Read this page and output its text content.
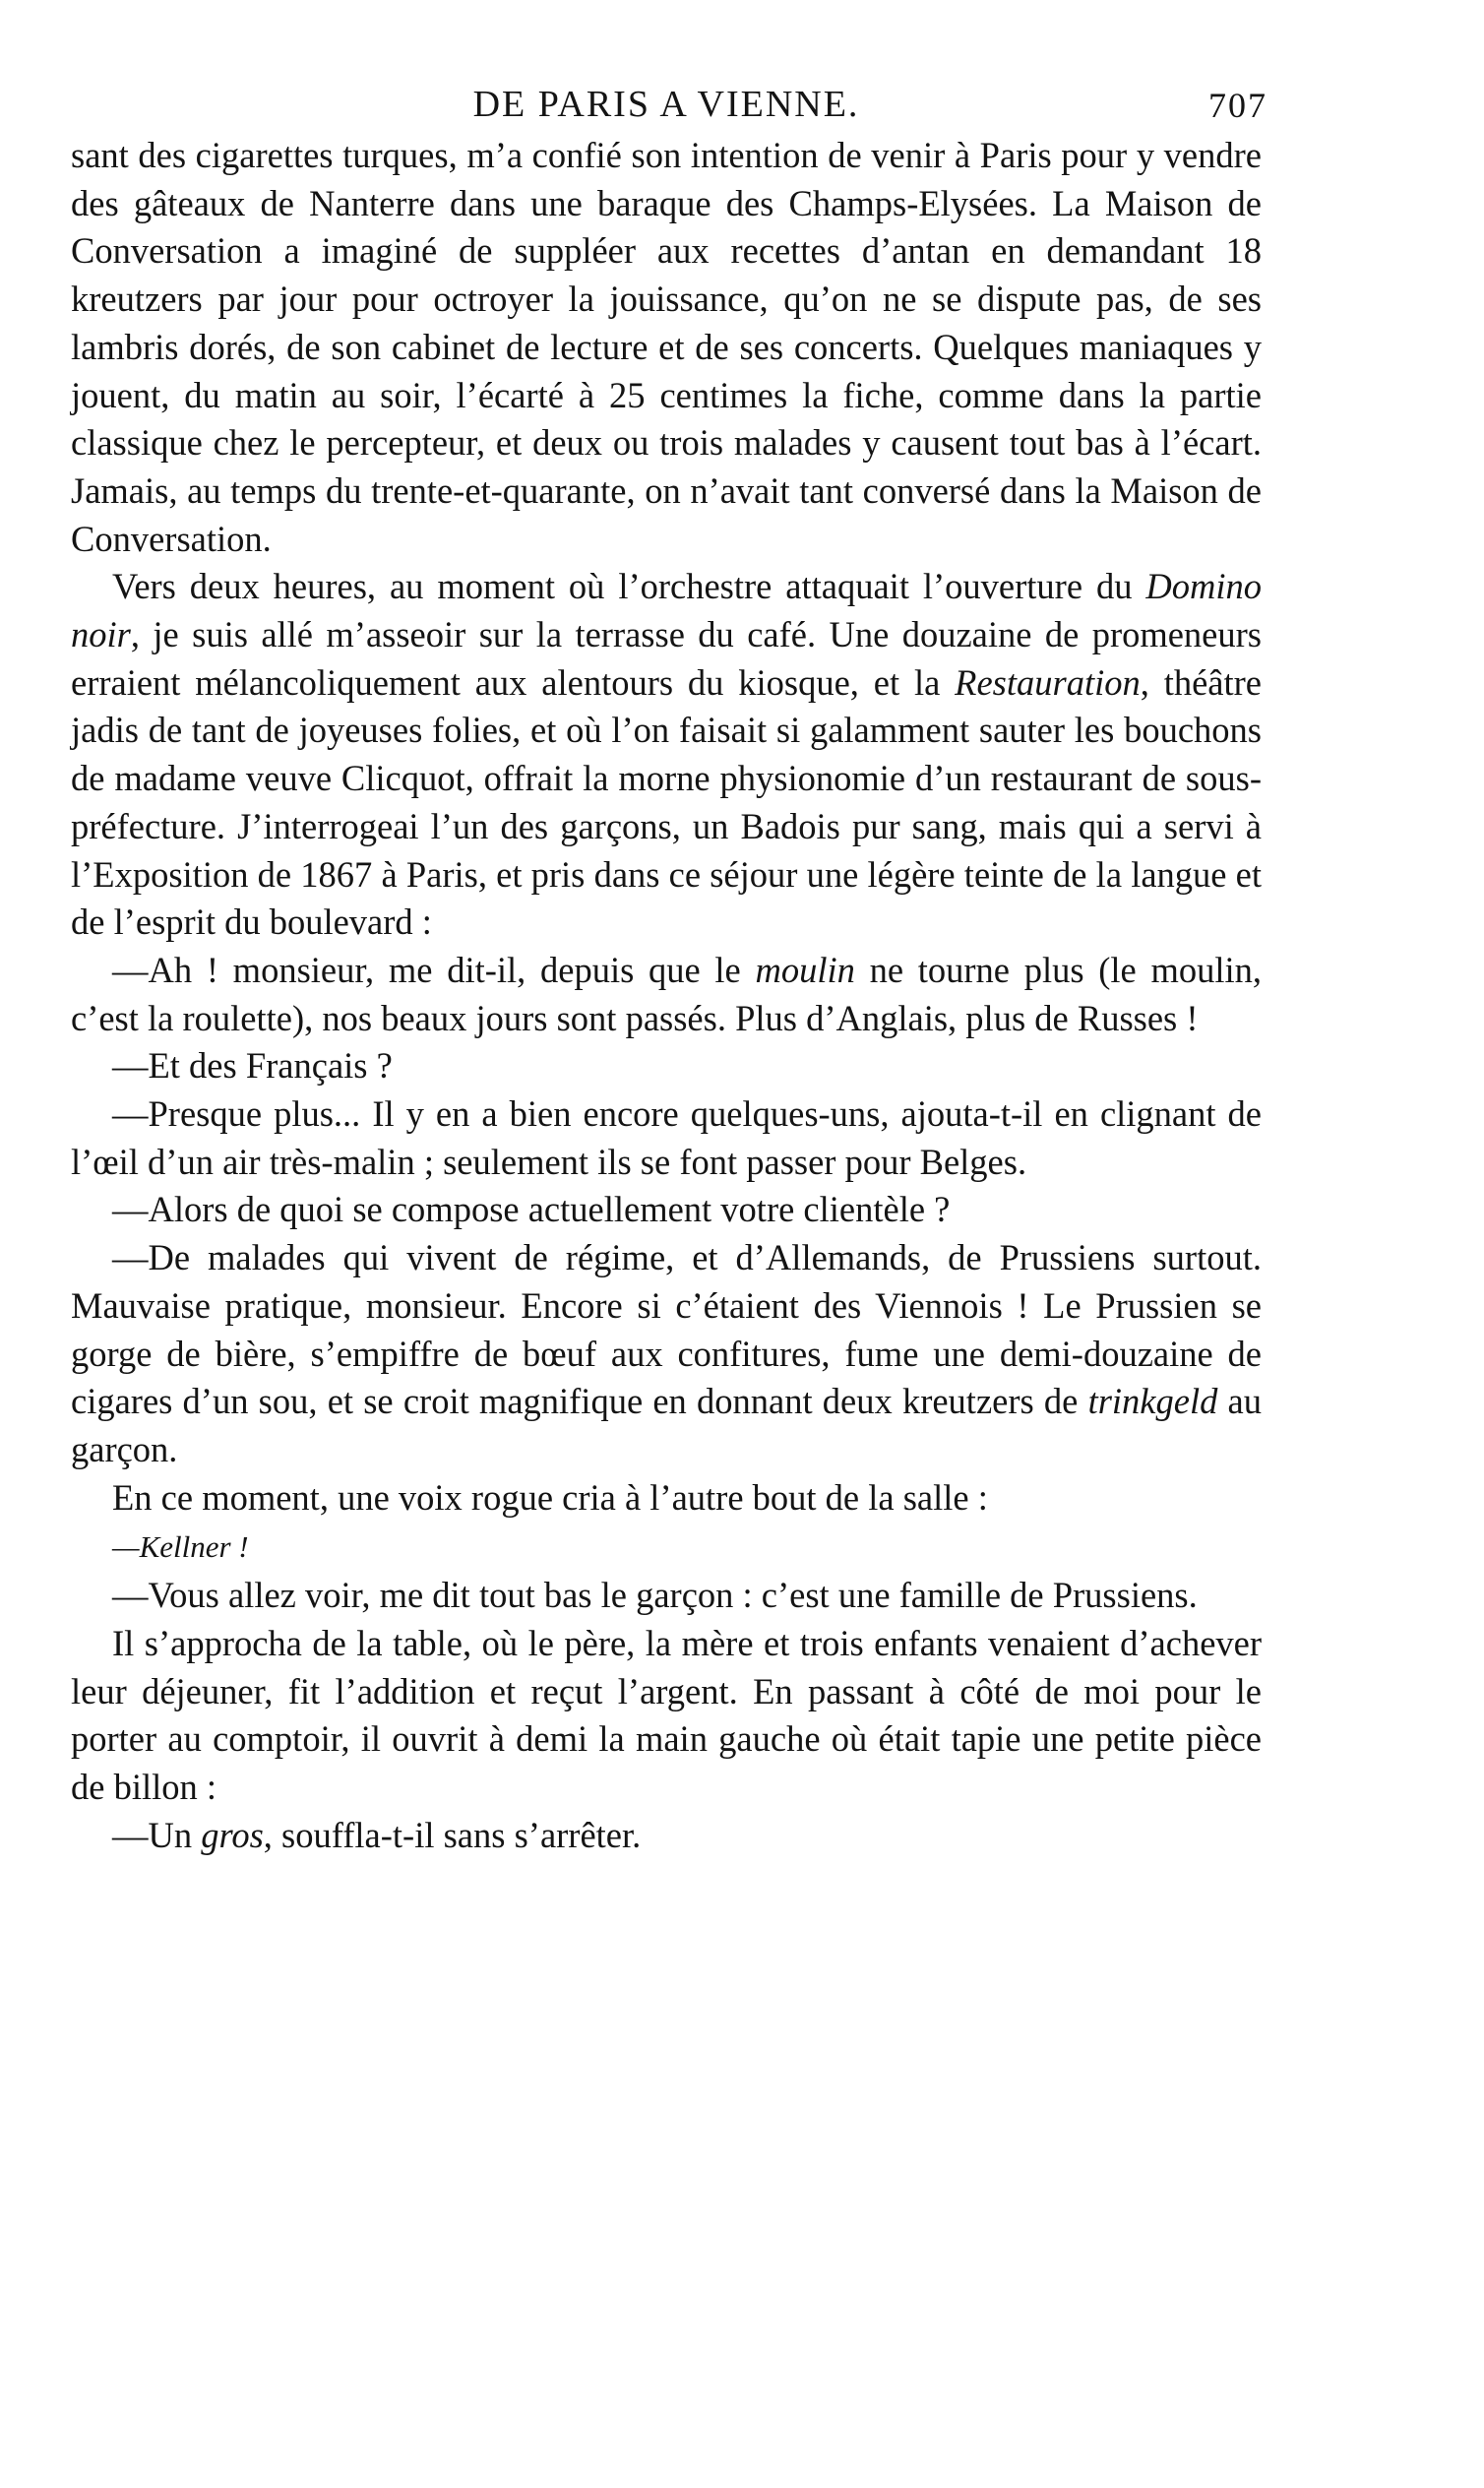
DE PARIS A VIENNE.	707

sant des cigarettes turques, m’a confié son intention de venir à Paris pour y vendre des gâteaux de Nanterre dans une baraque des Champs-Elysées. La Maison de Conversation a imaginé de suppléer aux recettes d’antan en demandant 18 kreutzers par jour pour octroyer la jouissance, qu’on ne se dispute pas, de ses lambris dorés, de son cabinet de lecture et de ses concerts. Quelques maniaques y jouent, du matin au soir, l’écarté à 25 centimes la fiche, comme dans la partie classique chez le percepteur, et deux ou trois malades y causent tout bas à l’écart. Jamais, au temps du trente-et-quarante, on n’avait tant conversé dans la Maison de Conversation.

Vers deux heures, au moment où l’orchestre attaquait l’ouverture du Domino noir, je suis allé m’asseoir sur la terrasse du café. Une douzaine de promeneurs erraient mélancoliquement aux alentours du kiosque, et la Restauration, théâtre jadis de tant de joyeuses folies, et où l’on faisait si galamment sauter les bouchons de madame veuve Clicquot, offrait la morne physionomie d’un restaurant de sous-préfecture. J’interrogeai l’un des garçons, un Badois pur sang, mais qui a servi à l’Exposition de 1867 à Paris, et pris dans ce séjour une légère teinte de la langue et de l’esprit du boulevard :

—Ah ! monsieur, me dit-il, depuis que le moulin ne tourne plus (le moulin, c’est la roulette), nos beaux jours sont passés. Plus d’Anglais, plus de Russes !

—Et des Français ?

—Presque plus... Il y en a bien encore quelques-uns, ajouta-t-il en clignant de l’œil d’un air très-malin ; seulement ils se font passer pour Belges.

—Alors de quoi se compose actuellement votre clientèle ?

—De malades qui vivent de régime, et d’Allemands, de Prussiens surtout. Mauvaise pratique, monsieur. Encore si c’étaient des Viennois ! Le Prussien se gorge de bière, s’empiffre de bœuf aux confitures, fume une demi-douzaine de cigares d’un sou, et se croit magnifique en donnant deux kreutzers de trinkgeld au garçon.

En ce moment, une voix rogue cria à l’autre bout de la salle :

—Kellner !

—Vous allez voir, me dit tout bas le garçon : c’est une famille de Prussiens.

Il s’approcha de la table, où le père, la mère et trois enfants venaient d’achever leur déjeuner, fit l’addition et reçut l’argent. En passant à côté de moi pour le porter au comptoir, il ouvrit à demi la main gauche où était tapie une petite pièce de billon :

—Un gros, souffla-t-il sans s’arrêter.
